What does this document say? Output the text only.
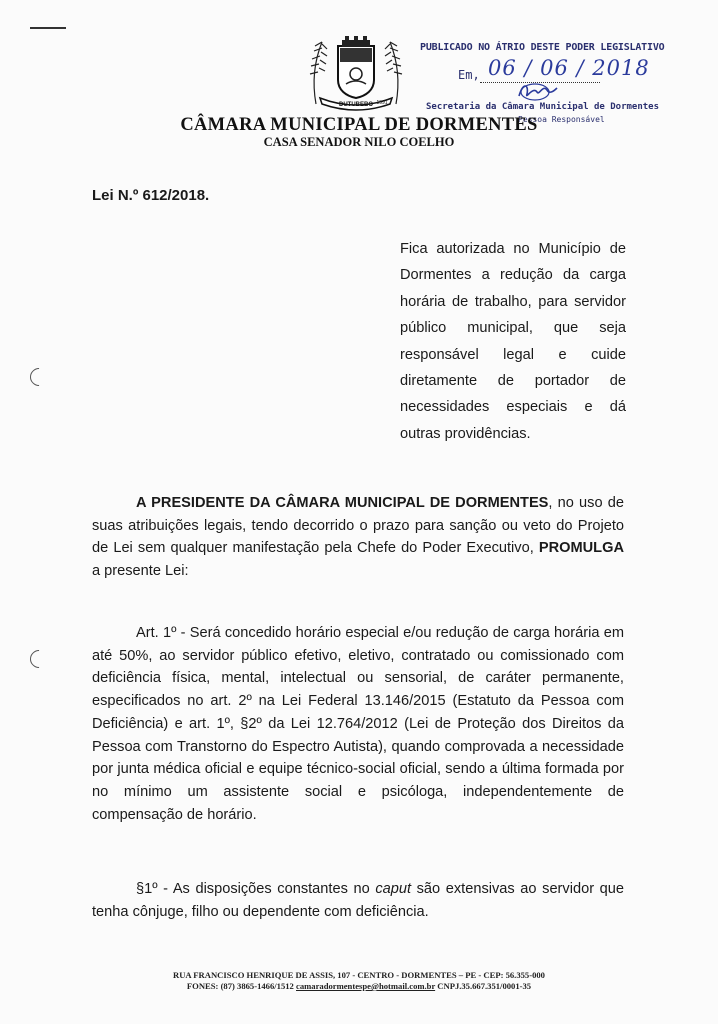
DUTUBEBO 1991
PUBLICADO NO ÁTRIO DESTE PODER LEGISLATIVO
Em, 06 / 06 / 2018
Secretaria da Câmara Municipal de Dormentes
Pessoa Responsável
CÂMARA MUNICIPAL DE DORMENTES
CASA SENADOR NILO COELHO
Lei N.º 612/2018.
Fica autorizada no Município de Dormentes a redução da carga horária de trabalho, para servidor público municipal, que seja responsável legal e cuide diretamente de portador de necessidades especiais e dá outras providências.

A PRESIDENTE DA CÂMARA MUNICIPAL DE DORMENTES, no uso de suas atribuições legais, tendo decorrido o prazo para sanção ou veto do Projeto de Lei sem qualquer manifestação pela Chefe do Poder Executivo, PROMULGA a presente Lei:

Art. 1º - Será concedido horário especial e/ou redução de carga horária em até 50%, ao servidor público efetivo, eletivo, contratado ou comissionado com deficiência física, mental, intelectual ou sensorial, de caráter permanente, especificados no art. 2º na Lei Federal 13.146/2015 (Estatuto da Pessoa com Deficiência) e art. 1º, §2º da Lei 12.764/2012 (Lei de Proteção dos Direitos da Pessoa com Transtorno do Espectro Autista), quando comprovada a necessidade por junta médica oficial e equipe técnico-social oficial, sendo a última formada por no mínimo um assistente social e psicóloga, independentemente de compensação de horário.

§1º - As disposições constantes no caput são extensivas ao servidor que tenha cônjuge, filho ou dependente com deficiência.

RUA FRANCISCO HENRIQUE DE ASSIS, 107 - CENTRO - DORMENTES – PE - CEP: 56.355-000
FONES: (87) 3865-1466/1512 camaradormentespe@hotmail.com.br CNPJ.35.667.351/0001-35
